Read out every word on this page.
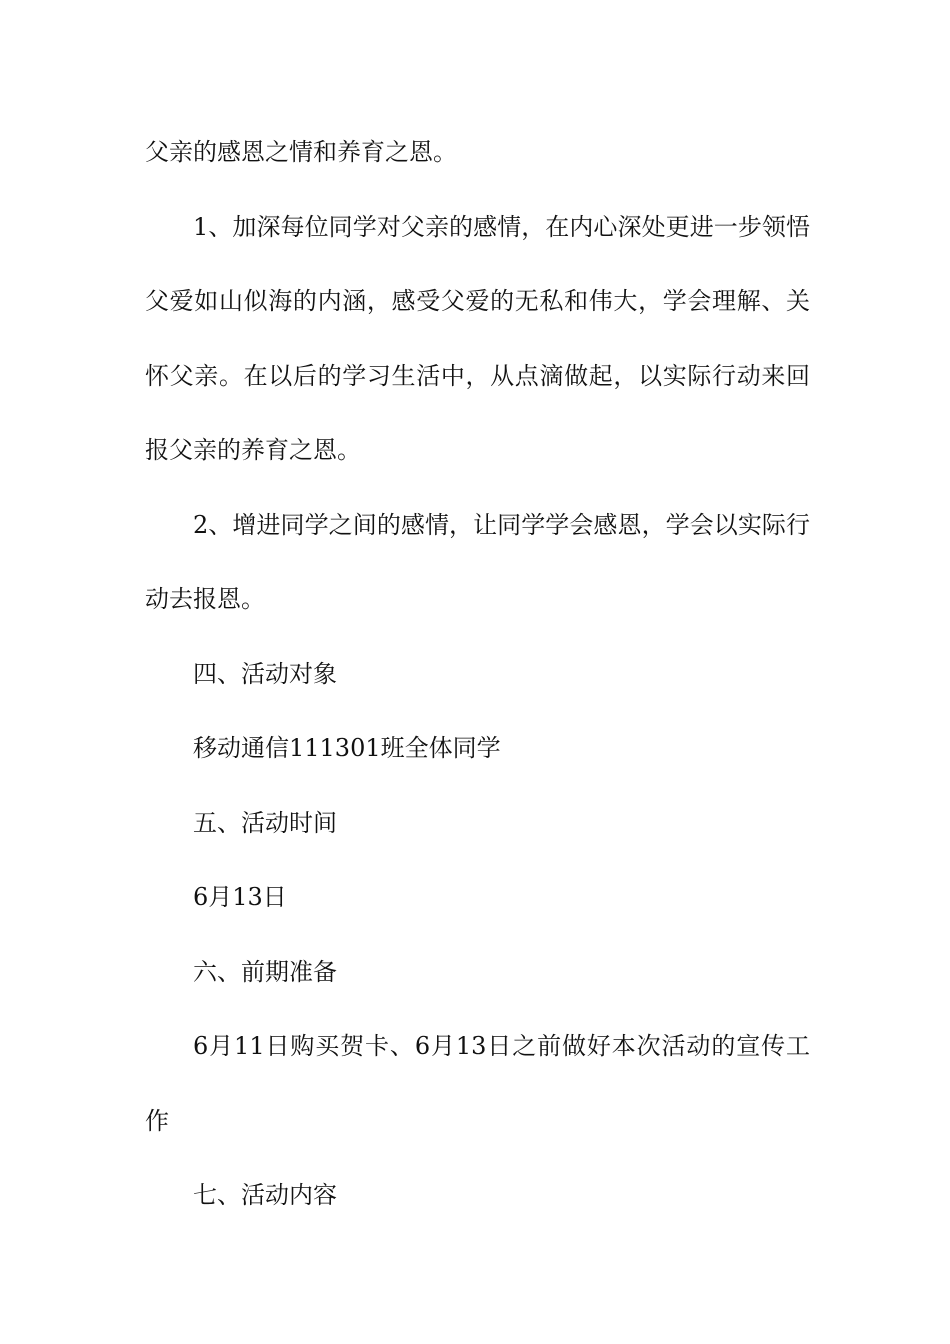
父亲的感恩之情和养育之恩。

1、加深每位同学对父亲的感情，在内心深处更进一步领悟父爱如山似海的内涵，感受父爱的无私和伟大，学会理解、关怀父亲。在以后的学习生活中，从点滴做起，以实际行动来回报父亲的养育之恩。

2、增进同学之间的感情，让同学学会感恩，学会以实际行动去报恩。

四、活动对象

移动通信111301班全体同学

五、活动时间

6月13日

六、前期准备

6月11日购买贺卡、6月13日之前做好本次活动的宣传工作

七、活动内容
